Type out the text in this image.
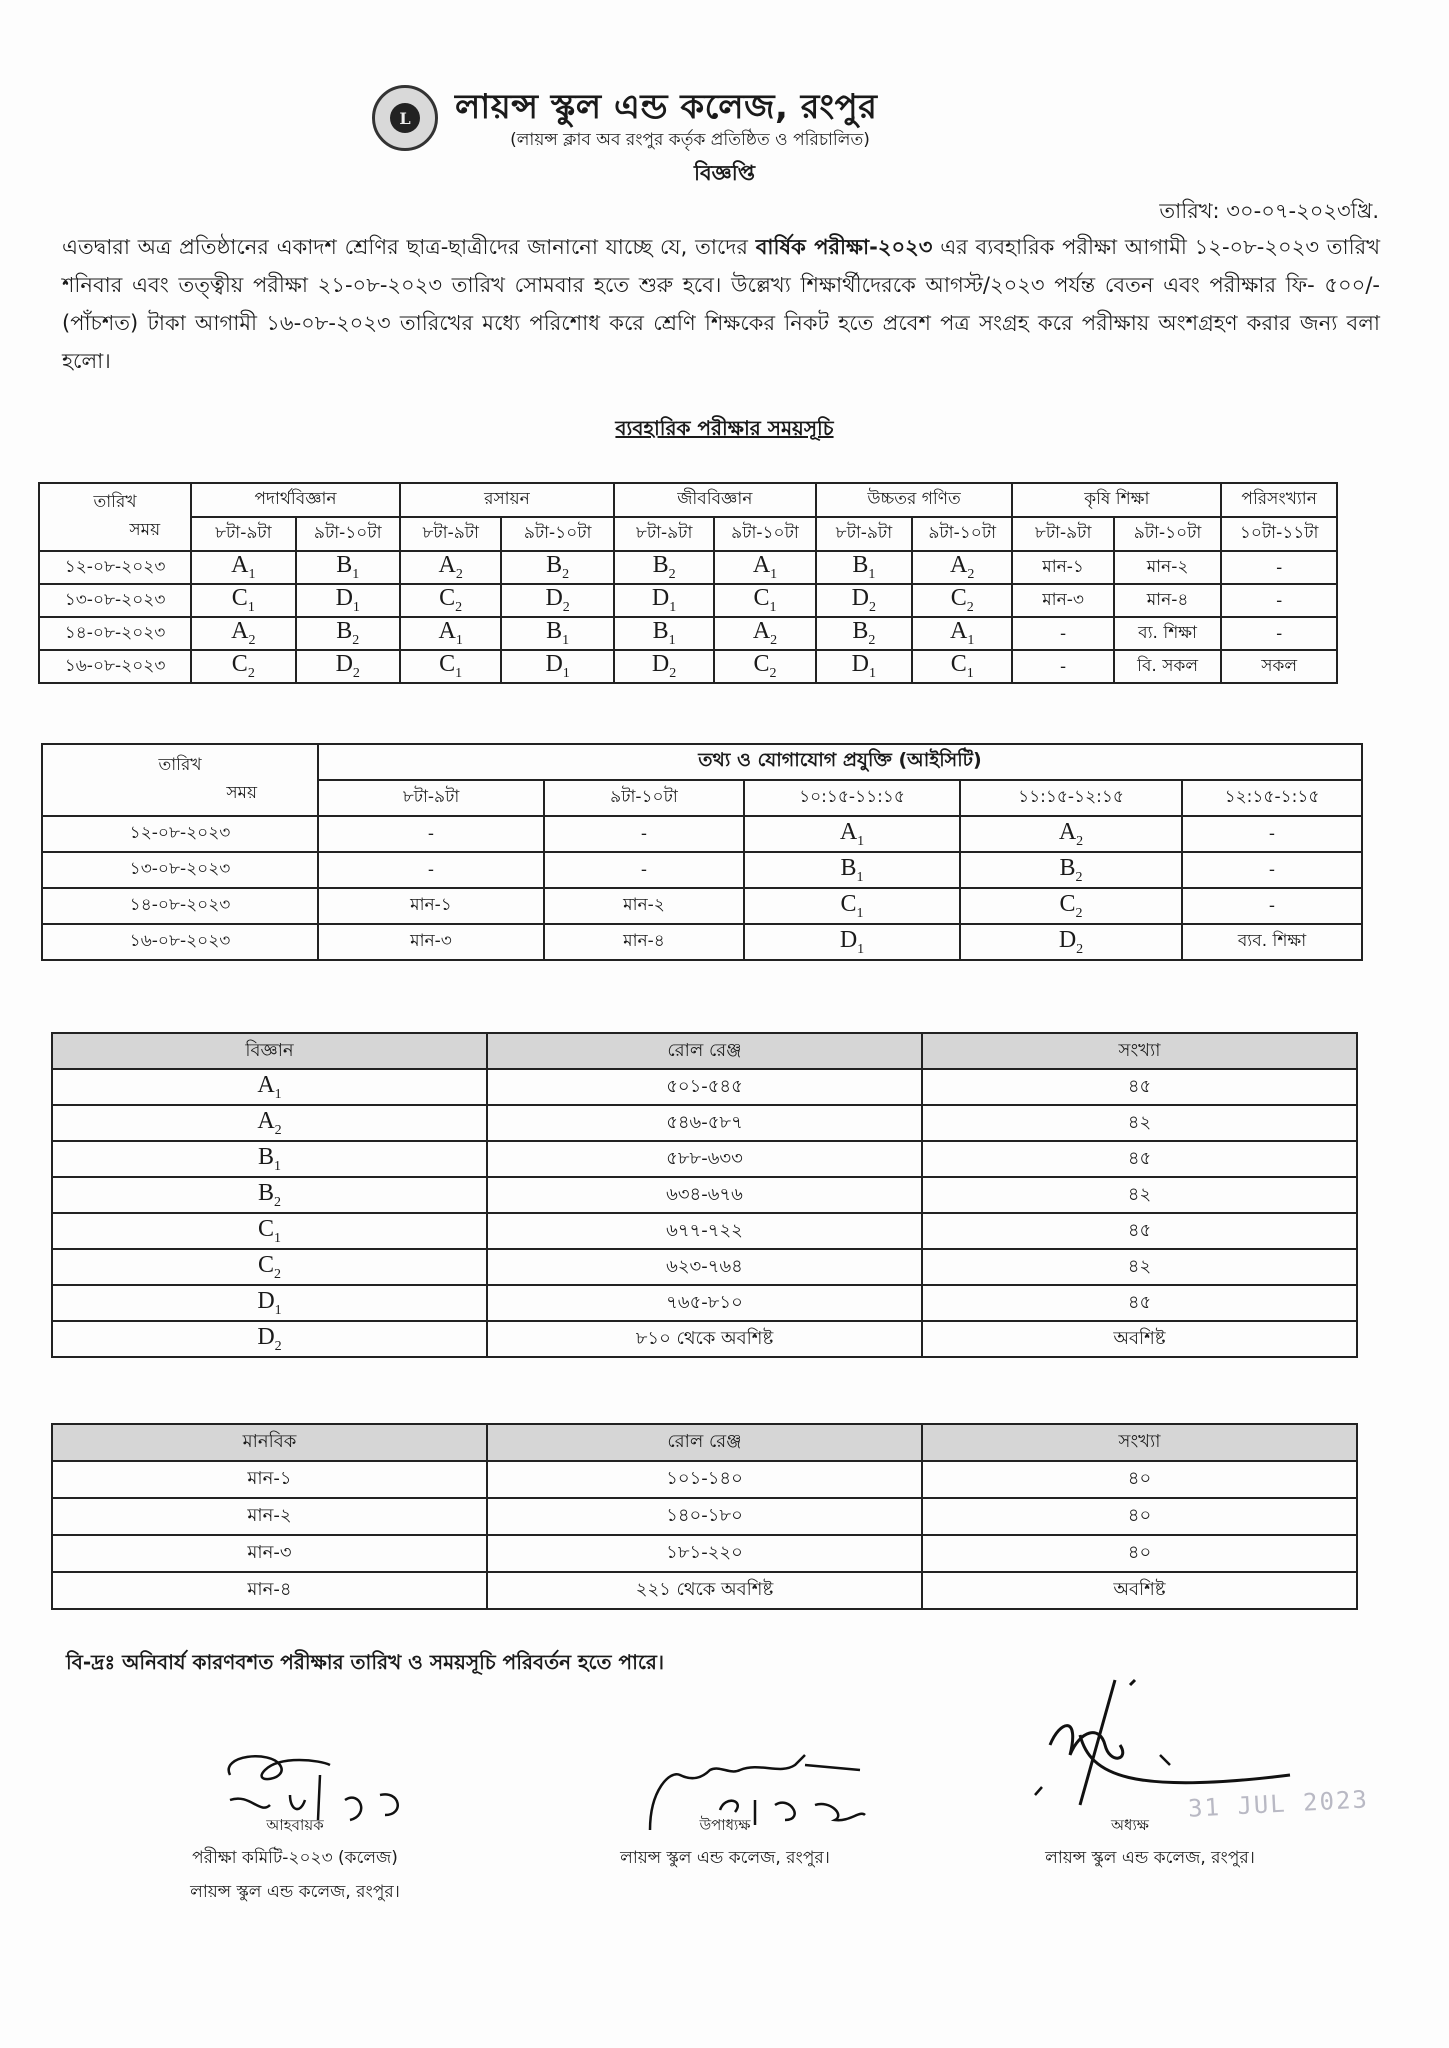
L লায়ন্স স্কুল এন্ড কলেজ, রংপুর
(লায়ন্স ক্লাব অব রংপুর কর্তৃক প্রতিষ্ঠিত ও পরিচালিত)
বিজ্ঞপ্তি
তারিখ: ৩০-০৭-২০২৩খ্রি.
এতদ্বারা অত্র প্রতিষ্ঠানের একাদশ শ্রেণির ছাত্র-ছাত্রীদের জানানো যাচ্ছে যে, তাদের বার্ষিক পরীক্ষা-২০২৩ এর ব্যবহারিক পরীক্ষা আগামী ১২-০৮-২০২৩ তারিখ শনিবার এবং তত্ত্বীয় পরীক্ষা ২১-০৮-২০২৩ তারিখ সোমবার হতে শুরু হবে। উল্লেখ্য শিক্ষার্থীদেরকে আগস্ট/২০২৩ পর্যন্ত বেতন এবং পরীক্ষার ফি- ৫০০/- (পাঁচশত) টাকা আগামী ১৬-০৮-২০২৩ তারিখের মধ্যে পরিশোধ করে শ্রেণি শিক্ষকের নিকট হতে প্রবেশ পত্র সংগ্রহ করে পরীক্ষায় অংশগ্রহণ করার জন্য বলা হলো।
ব্যবহারিক পরীক্ষার সময়সূচি
তারিখ
সময়	পদার্থবিজ্ঞান		রসায়ন		জীববিজ্ঞান		উচ্চতর গণিত		কৃষি শিক্ষা		পরিসংখ্যান
	৮টা-৯টা	৯টা-১০টা	৮টা-৯টা	৯টা-১০টা	৮টা-৯টা	৯টা-১০টা	৮টা-৯টা	৯টা-১০টা	৮টা-৯টা	৯টা-১০টা	১০টা-১১টা
১২-০৮-২০২৩	$A_1$	$B_1$	$A_2$	$B_2$	$B_2$	$A_1$	$B_1$	$A_2$	মান-১	মান-২	-
১৩-০৮-২০২৩	$C_1$	$D_1$	$C_2$	$D_2$	$D_1$	$C_1$	$D_2$	$C_2$	মান-৩	মান-৪	-
১৪-০৮-২০২৩	$A_2$	$B_2$	$A_1$	$B_1$	$B_1$	$A_2$	$B_2$	$A_1$	-	ব্য. শিক্ষা	-
১৬-০৮-২০২৩	$C_2$	$D_2$	$C_1$	$D_1$	$D_2$	$C_2$	$D_1$	$C_1$	-	বি. সকল	সকল
তারিখ
সময়	তথ্য ও যোগাযোগ প্রযুক্তি (আইসিটি)				
	৮টা-৯টা	৯টা-১০টা	১০:১৫-১১:১৫	১১:১৫-১২:১৫	১২:১৫-১:১৫
১২-০৮-২০২৩	-	-	$A_1$	$A_2$	-
১৩-০৮-২০২৩	-	-	$B_1$	$B_2$	-
১৪-০৮-২০২৩	মান-১	মান-২	$C_1$	$C_2$	-
১৬-০৮-২০২৩	মান-৩	মান-৪	$D_1$	$D_2$	ব্যব. শিক্ষা
বিজ্ঞান	রোল রেঞ্জ	সংখ্যা
$A_1$	৫০১-৫৪৫	৪৫
$A_2$	৫৪৬-৫৮৭	৪২
$B_1$	৫৮৮-৬৩৩	৪৫
$B_2$	৬৩৪-৬৭৬	৪২
$C_1$	৬৭৭-৭২২	৪৫
$C_2$	৬২৩-৭৬৪	৪২
$D_1$	৭৬৫-৮১০	৪৫
$D_2$	৮১০ থেকে অবশিষ্ট	অবশিষ্ট
মানবিক	রোল রেঞ্জ	সংখ্যা
মান-১	১০১-১৪০	৪০
মান-২	১৪০-১৮০	৪০
মান-৩	১৮১-২২০	৪০
মান-৪	২২১ থেকে অবশিষ্ট	অবশিষ্ট
বি-দ্রঃ অনিবার্য কারণবশত পরীক্ষার তারিখ ও সময়সূচি পরিবর্তন হতে পারে।
31 JUL 2023
আহবায়ক
পরীক্ষা কমিটি-২০২৩ (কলেজ)
লায়ন্স স্কুল এন্ড কলেজ, রংপুর।
উপাধ্যক্ষ
লায়ন্স স্কুল এন্ড কলেজ, রংপুর।
অধ্যক্ষ
লায়ন্স স্কুল এন্ড কলেজ, রংপুর।
